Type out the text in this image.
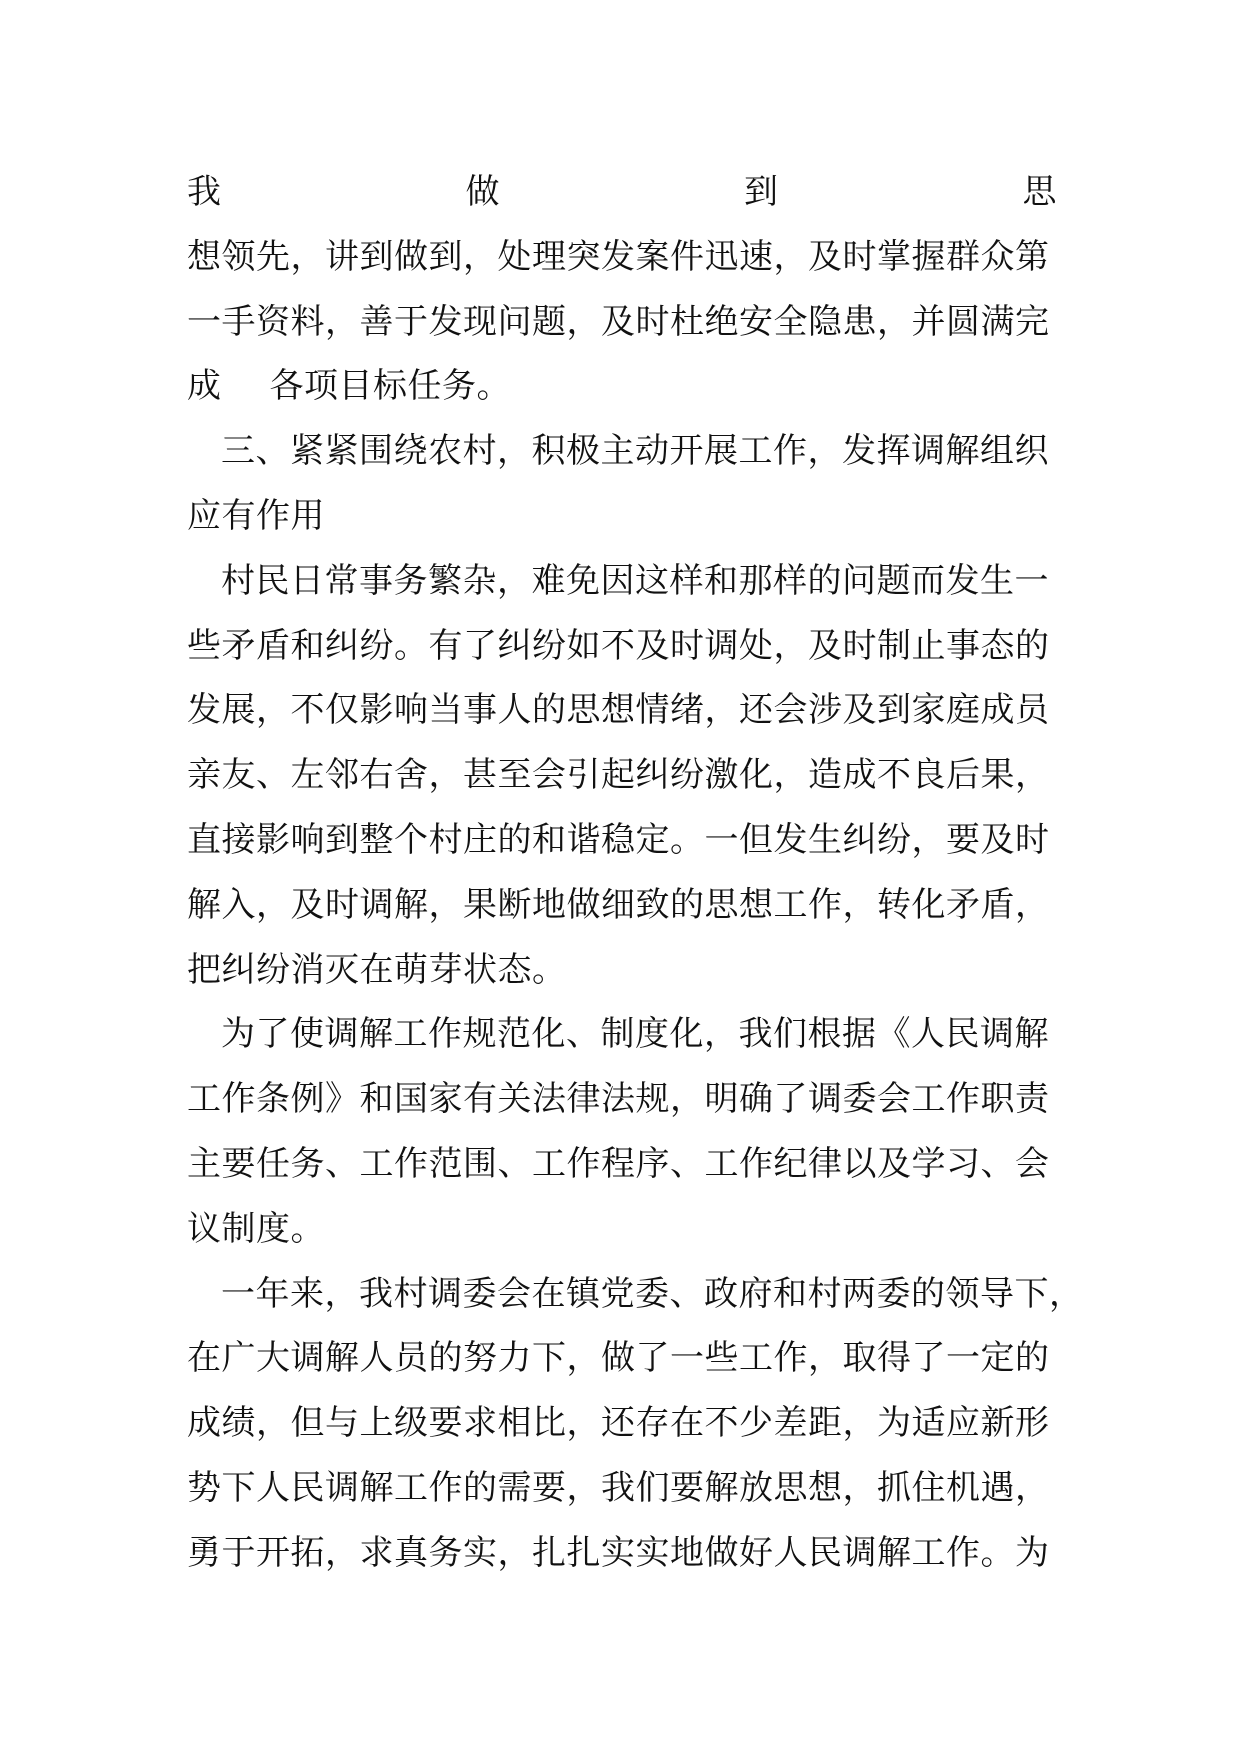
我	做	到	思
想领先，讲到做到，处理突发案件迅速，及时掌握群众第
一手资料，善于发现问题，及时杜绝安全隐患，并圆满完
成 各项目标任务。
三、紧紧围绕农村，积极主动开展工作，发挥调解组织
应有作用
村民日常事务繁杂，难免因这样和那样的问题而发生一
些矛盾和纠纷。有了纠纷如不及时调处，及时制止事态的
发展，不仅影响当事人的思想情绪，还会涉及到家庭成员
亲友、左邻右舍，甚至会引起纠纷激化，造成不良后果，
直接影响到整个村庄的和谐稳定。一但发生纠纷，要及时
解入，及时调解，果断地做细致的思想工作，转化矛盾，
把纠纷消灭在萌芽状态。
为了使调解工作规范化、制度化，我们根据《人民调解
工作条例》和国家有关法律法规，明确了调委会工作职责
主要任务、工作范围、工作程序、工作纪律以及学习、会
议制度。
一年来，我村调委会在镇党委、政府和村两委的领导下，
在广大调解人员的努力下，做了一些工作，取得了一定的
成绩，但与上级要求相比，还存在不少差距，为适应新形
势下人民调解工作的需要，我们要解放思想，抓住机遇，
勇于开拓，求真务实，扎扎实实地做好人民调解工作。为
